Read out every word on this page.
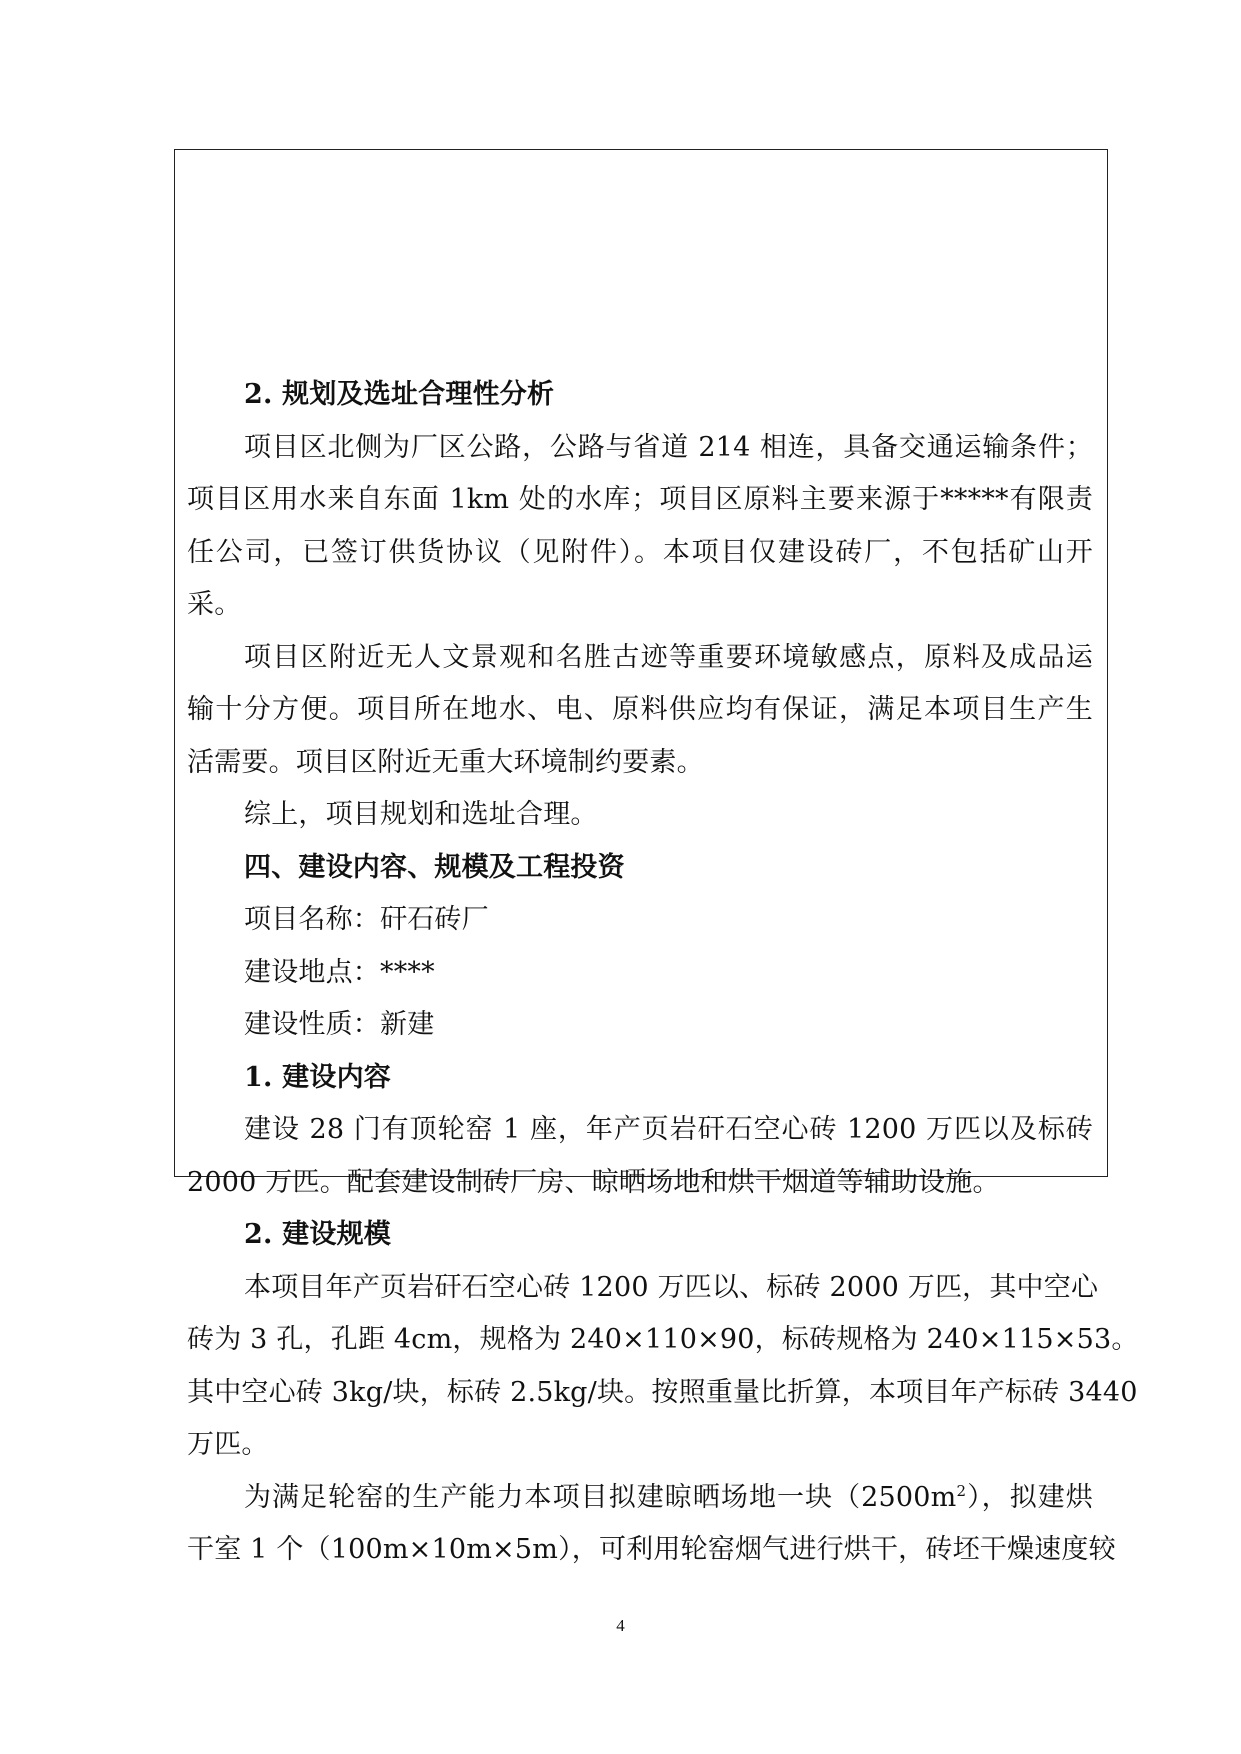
2. 规划及选址合理性分析
项目区北侧为厂区公路，公路与省道 214 相连，具备交通运输条件；
项目区用水来自东面 1km 处的水库；项目区原料主要来源于*****有限责
任公司，已签订供货协议（见附件）。本项目仅建设砖厂，不包括矿山开
采。
项目区附近无人文景观和名胜古迹等重要环境敏感点，原料及成品运
输十分方便。项目所在地水、电、原料供应均有保证，满足本项目生产生
活需要。项目区附近无重大环境制约要素。
综上，项目规划和选址合理。
四、建设内容、规模及工程投资
项目名称：矸石砖厂
建设地点：****
建设性质：新建
1. 建设内容
建设 28 门有顶轮窑 1 座，年产页岩矸石空心砖 1200 万匹以及标砖
2000 万匹。配套建设制砖厂房、晾晒场地和烘干烟道等辅助设施。
2. 建设规模
本项目年产页岩矸石空心砖 1200 万匹以、标砖 2000 万匹，其中空心
砖为 3 孔，孔距 4cm，规格为 240×110×90，标砖规格为 240×115×53。
其中空心砖 3kg/块，标砖 2.5kg/块。按照重量比折算，本项目年产标砖 3440
万匹。
为满足轮窑的生产能力本项目拟建晾晒场地一块$(2500m^2)$，拟建烘
干室 1 个（100m×10m×5m），可利用轮窑烟气进行烘干，砖坯干燥速度较
4
